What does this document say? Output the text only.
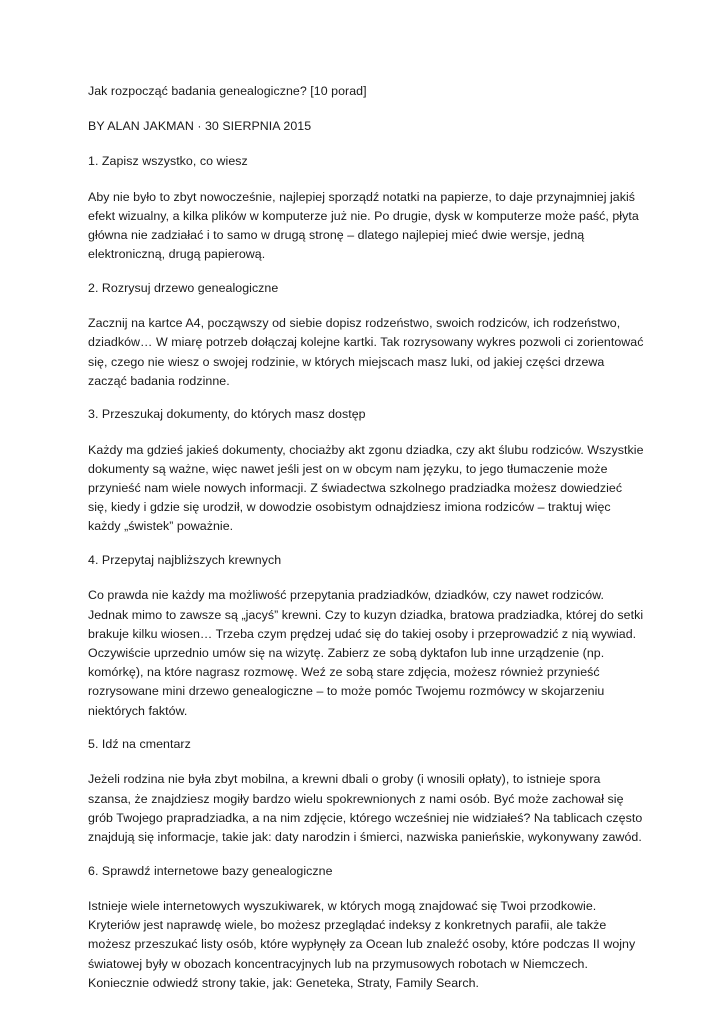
Jak rozpocząć badania genealogiczne? [10 porad]

BY ALAN JAKMAN · 30 SIERPNIA 2015

1. Zapisz wszystko, co wiesz

Aby nie było to zbyt nowocześnie, najlepiej sporządź notatki na papierze, to daje przynajmniej jakiś efekt wizualny, a kilka plików w komputerze już nie. Po drugie, dysk w komputerze może paść, płyta główna nie zadziałać i to samo w drugą stronę – dlatego najlepiej mieć dwie wersje, jedną elektroniczną, drugą papierową.

2. Rozrysuj drzewo genealogiczne

Zacznij na kartce A4, począwszy od siebie dopisz rodzeństwo, swoich rodziców, ich rodzeństwo, dziadków… W miarę potrzeb dołączaj kolejne kartki. Tak rozrysowany wykres pozwoli ci zorientować się, czego nie wiesz o swojej rodzinie, w których miejscach masz luki, od jakiej części drzewa zacząć badania rodzinne.

3. Przeszukaj dokumenty, do których masz dostęp

Każdy ma gdzieś jakieś dokumenty, chociażby akt zgonu dziadka, czy akt ślubu rodziców. Wszystkie dokumenty są ważne, więc nawet jeśli jest on w obcym nam języku, to jego tłumaczenie może przynieść nam wiele nowych informacji. Z świadectwa szkolnego pradziadka możesz dowiedzieć się, kiedy i gdzie się urodził, w dowodzie osobistym odnajdziesz imiona rodziców – traktuj więc każdy „świstek” poważnie.

4. Przepytaj najbliższych krewnych

Co prawda nie każdy ma możliwość przepytania pradziadków, dziadków, czy nawet rodziców. Jednak mimo to zawsze są „jacyś” krewni. Czy to kuzyn dziadka, bratowa pradziadka, której do setki brakuje kilku wiosen… Trzeba czym prędzej udać się do takiej osoby i przeprowadzić z nią wywiad. Oczywiście uprzednio umów się na wizytę. Zabierz ze sobą dyktafon lub inne urządzenie (np. komórkę), na które nagrasz rozmowę. Weź ze sobą stare zdjęcia, możesz również przynieść rozrysowane mini drzewo genealogiczne – to może pomóc Twojemu rozmówcy w skojarzeniu niektórych faktów.

5. Idź na cmentarz

Jeżeli rodzina nie była zbyt mobilna, a krewni dbali o groby (i wnosili opłaty), to istnieje spora szansa, że znajdziesz mogiły bardzo wielu spokrewnionych z nami osób. Być może zachował się grób Twojego prapradziadka, a na nim zdjęcie, którego wcześniej nie widziałeś? Na tablicach często znajdują się informacje, takie jak: daty narodzin i śmierci, nazwiska panieńskie, wykonywany zawód.

6. Sprawdź internetowe bazy genealogiczne

Istnieje wiele internetowych wyszukiwarek, w których mogą znajdować się Twoi przodkowie. Kryteriów jest naprawdę wiele, bo możesz przeglądać indeksy z konkretnych parafii, ale także możesz przeszukać listy osób, które wypłynęły za Ocean lub znaleźć osoby, które podczas II wojny światowej były w obozach koncentracyjnych lub na przymusowych robotach w Niemczech. Koniecznie odwiedź strony takie, jak: Geneteka, Straty, Family Search.
